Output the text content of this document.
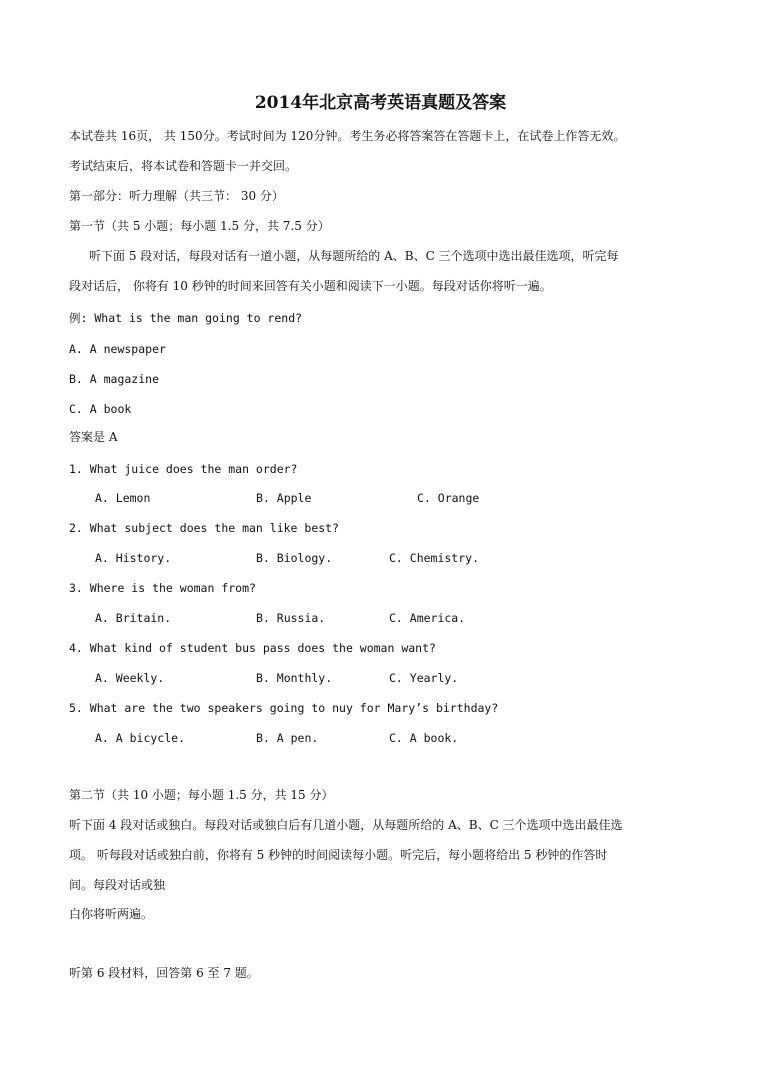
2014年北京高考英语真题及答案
本试卷共 16页， 共 150分。考试时间为 120分钟。考生务必将答案答在答题卡上，在试卷上作答无效。
考试结束后，将本试卷和答题卡一并交回。
第一部分：听力理解（共三节： 30 分）
第一节（共 5 小题；每小题 1.5 分，共 7.5 分）
听下面 5 段对话，每段对话有一道小题，从每题所给的 A、B、C 三个选项中选出最佳选项，听完每
段对话后， 你将有 10 秒钟的时间来回答有关小题和阅读下一小题。每段对话你将听一遍。
例: What is the man going to rend?
A. A newspaper
B. A magazine
C. A book
答案是 A
1. What juice does the man order?
A. Lemon	B. Apple	C. Orange
2. What subject does the man like best?
A. History.	B. Biology.	C. Chemistry.
3. Where is the woman from?
A. Britain.	B. Russia.	C. America.
4. What kind of student bus pass does the woman want?
A. Weekly.	B. Monthly.	C. Yearly.
5. What are the two speakers going to nuy for Mary’s birthday?
A. A bicycle.	B. A pen.	C. A book.
第二节（共 10 小题；每小题 1.5 分，共 15 分）
听下面 4 段对话或独白。每段对话或独白后有几道小题，从每题所给的 A、B、C 三个选项中选出最佳选
项。 听每段对话或独白前，你将有 5 秒钟的时间阅读每小题。听完后，每小题将给出 5 秒钟的作答时
间。每段对话或独
白你将听两遍。
听第 6 段材料，回答第 6 至 7 题。
